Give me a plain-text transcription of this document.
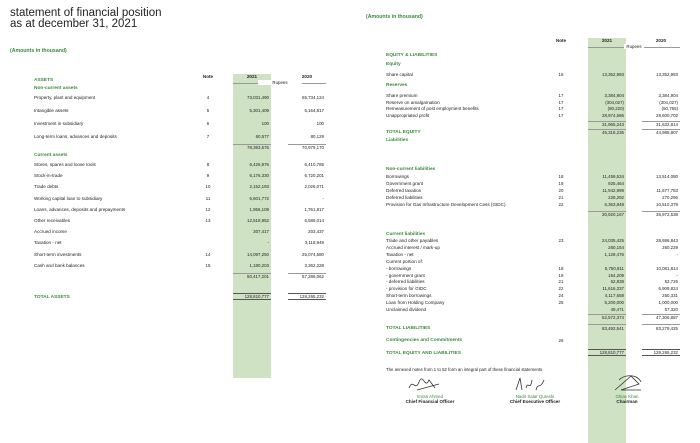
statement of financial position
as at december 31, 2021
(Amounts in thousand)
Note	2021	2020
Rupees
ASSETS
Non-current assets
Property, plant and equipment	4	73,031,490	65,734,124
Intangible assets	5	5,301,409	5,164,817
Investment in subsidiary	6	100	100
Long-term loans, advances and deposits	7	60,577	80,129
78,393,576	70,979,170
Current assets
Stores, spares and loose tools	8	6,426,976	6,410,785
Stock-in-trade	9	6,176,330	6,720,201
Trade debts	10	2,152,193	2,026,071
Working capital loan to subsidiary	11	6,601,772	-
Loans, advances, deposits and prepayments	12	1,956,108	1,761,817
Other receivables	13	12,518,952	6,586,014
Accrued income	307,417	203,437
Taxation - net	-	3,118,949
Short-term investments	14	14,097,250	25,074,580
Cash and bank balances	15	1,180,203	3,362,228
50,417,201	57,286,062
TOTAL ASSETS	128,810,777	128,265,232
(Amounts in thousand)
Note	2021	2020
Rupees
EQUITY & LIABILITIES
Equity
Share capital	16	13,352,993	13,352,993
Reserves
Share premium	17	3,384,904	3,384,904
Reserve on amalgamation	17	(304,027)	(304,027)
Remeasurement of post employment benefits	17	(80,220)	(50,765)
Unappropriated profit	17	28,974,586	28,600,702
31,965,243	31,632,814
TOTAL EQUITY	45,318,236	44,985,807
Liabilities
Non-current liabilities
Borrowings	18	11,459,534	13,514,080
Government grant	19	925,464
Deferred taxation	20	11,942,999	11,677,783
Deferred liabilities	21	228,292	270,296
Provision for Gas Infrastructure Development Cess (GIDC)	22	6,363,848	10,510,379
30,920,167	35,972,538
Current liabilities
Trade and other payables	23	24,035,425	28,696,843
Accrued interest / mark-up	260,154	260,229
Taxation - net	1,128,476	-
Current portion of:
- borrowings	18	5,750,811	10,081,814
- government grant	19	154,209	-
- deferred liabilities	21	62,838	53,726
- provision for GIDC	22	11,616,337	6,909,824
Short-term borrowings	24	4,117,658	250,331
Loan from Holding Company	25	5,200,000	1,000,000
Unclaimed dividend	49,471	57,320
52,572,374	47,306,887
TOTAL LIABILITIES	83,492,541	83,279,425
Contingencies and Commitments	26
TOTAL EQUITY AND LIABILITIES	128,810,777	128,265,232
The annexed notes from 1 to 52 form an integral part of these financial statements.
Imran Ahmed
Chief Financial Officer
Nadir Salar Qureshi
Chief Executive Officer
Ghias Khan
Chairman
